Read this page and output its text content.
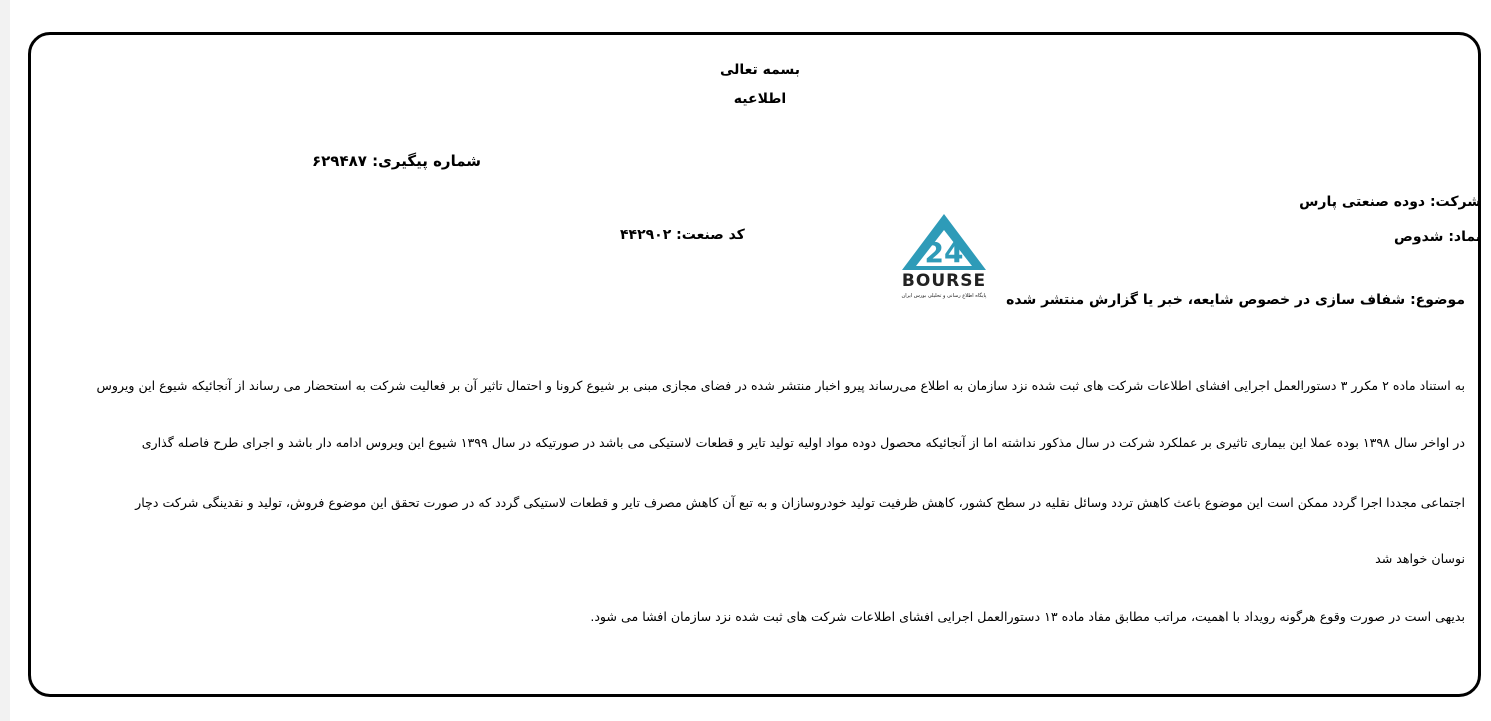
بسمه تعالی
اطلاعیه
شماره پیگیری: ۶۲۹۴۸۷
شرکت: دوده صنعتی پارس
نماد: شدوص
کد صنعت: ۴۴۲۹۰۲
موضوع: شفاف سازی در خصوص شایعه، خبر یا گزارش منتشر شده
24
BOURSE
پایگاه اطلاع رسانی و تحلیلی بورس ایران
به استناد ماده ۲ مکرر ۳ دستورالعمل اجرایی افشای اطلاعات شرکت های ثبت شده نزد سازمان به اطلاع می‌رساند پیرو اخبار منتشر شده در فضای مجازی مبنی بر شیوع کرونا و احتمال تاثیر آن بر فعالیت شرکت به استحضار می رساند از آنجائیکه شیوع این ویروس
در اواخر سال ۱۳۹۸ بوده عملا این بیماری تاثیری بر عملکرد شرکت در سال مذکور نداشته اما از آنجائیکه محصول دوده مواد اولیه تولید تایر و قطعات لاستیکی می باشد در صورتیکه در سال ۱۳۹۹ شیوع این ویروس ادامه دار باشد و اجرای طرح فاصله گذاری
اجتماعی مجددا اجرا گردد ممکن است این موضوع باعث کاهش تردد وسائل نقلیه در سطح کشور، کاهش ظرفیت تولید خودروسازان و به تبع آن کاهش مصرف تایر و قطعات لاستیکی گردد که در صورت تحقق این موضوع فروش، تولید و نقدینگی شرکت دچار
نوسان خواهد شد
بدیهی است در صورت وقوع هرگونه رویداد با اهمیت، مراتب مطابق مفاد ماده ۱۳ دستورالعمل اجرایی افشای اطلاعات شرکت های ثبت شده نزد سازمان افشا می شود.
